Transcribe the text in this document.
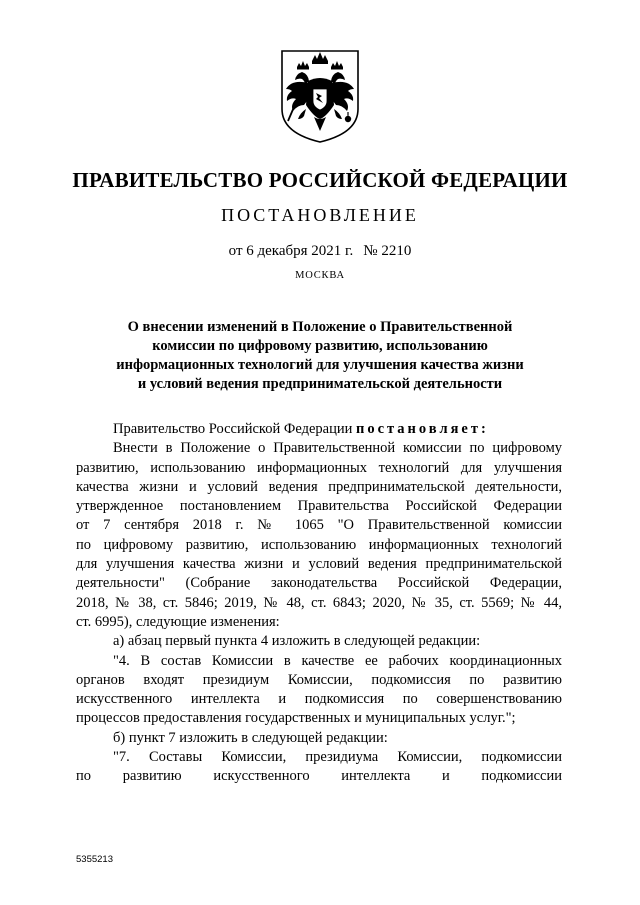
ПРАВИТЕЛЬСТВО РОССИЙСКОЙ ФЕДЕРАЦИИ
ПОСТАНОВЛЕНИЕ
от 6 декабря 2021 г. № 2210
МОСКВА
О внесении изменений в Положение о Правительственной
комиссии по цифровому развитию, использованию
информационных технологий для улучшения качества жизни
и условий ведения предпринимательской деятельности
Правительство Российской Федерации постановляет:
Внести в Положение о Правительственной комиссии по цифровому
развитию, использованию информационных технологий для улучшения
качества жизни и условий ведения предпринимательской деятельности,
утвержденное постановлением Правительства Российской Федерации
от 7 сентября 2018 г. № 1065 "О Правительственной комиссии
по цифровому развитию, использованию информационных технологий
для улучшения качества жизни и условий ведения предпринимательской
деятельности" (Собрание законодательства Российской Федерации,
2018, № 38, ст. 5846; 2019, № 48, ст. 6843; 2020, № 35, ст. 5569; № 44,
ст. 6995), следующие изменения:
а) абзац первый пункта 4 изложить в следующей редакции:
"4. В состав Комиссии в качестве ее рабочих координационных
органов входят президиум Комиссии, подкомиссия по развитию
искусственного интеллекта и подкомиссия по совершенствованию
процессов предоставления государственных и муниципальных услуг.";
б) пункт 7 изложить в следующей редакции:
"7. Составы Комиссии, президиума Комиссии, подкомиссии
по развитию искусственного интеллекта и подкомиссии
5355213
